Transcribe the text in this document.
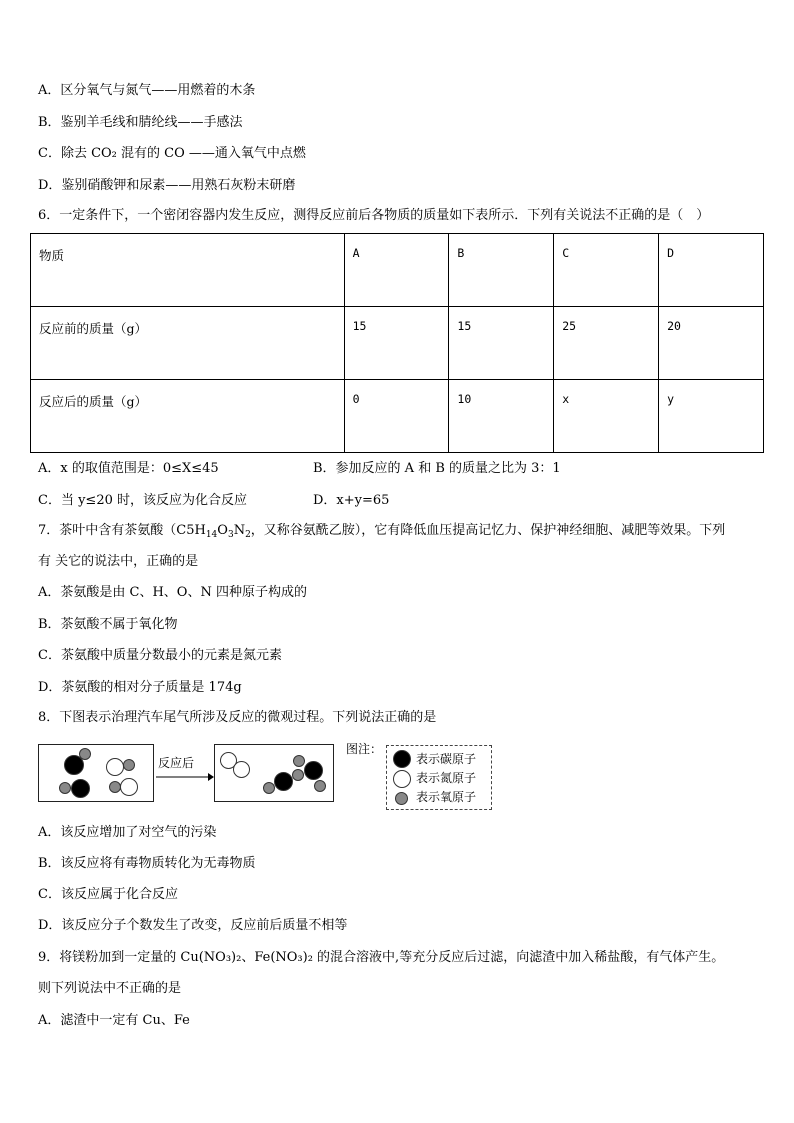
A．区分氧气与氮气——用燃着的木条
B．鉴别羊毛线和腈纶线——手感法
C．除去 CO₂ 混有的 CO ——通入氧气中点燃
D．鉴别硝酸钾和尿素——用熟石灰粉末研磨
6．一定条件下，一个密闭容器内发生反应，测得反应前后各物质的质量如下表所示．下列有关说法不正确的是（　）
物质	A	B	C	D
反应前的质量（g）	15	15	25	20
反应后的质量（g）	0	10	x	y
A．x 的取值范围是：0≤X≤45	B．参加反应的 A 和 B 的质量之比为 3：1
C．当 y≤20 时，该反应为化合反应	D．x+y=65
7．茶叶中含有茶氨酸（$C5H_{14}O_3N_2$，又称谷氨酰乙胺），它有降低血压提高记忆力、保护神经细胞、减肥等效果。下列
有 关它的说法中，正确的是
A．茶氨酸是由 C、H、O、N 四种原子构成的
B．茶氨酸不属于氧化物
C．茶氨酸中质量分数最小的元素是氮元素
D．茶氨酸的相对分子质量是 174g
8．下图表示治理汽车尾气所涉及反应的微观过程。下列说法正确的是
反应后
图注：
表示碳原子
表示氮原子
表示氧原子
A．该反应增加了对空气的污染
B．该反应将有毒物质转化为无毒物质
C．该反应属于化合反应
D．该反应分子个数发生了改变，反应前后质量不相等
9．将镁粉加到一定量的 Cu(NO₃)₂、Fe(NO₃)₂ 的混合溶液中,等充分反应后过滤，向滤渣中加入稀盐酸，有气体产生。
则下列说法中不正确的是
A．滤渣中一定有 Cu、Fe
